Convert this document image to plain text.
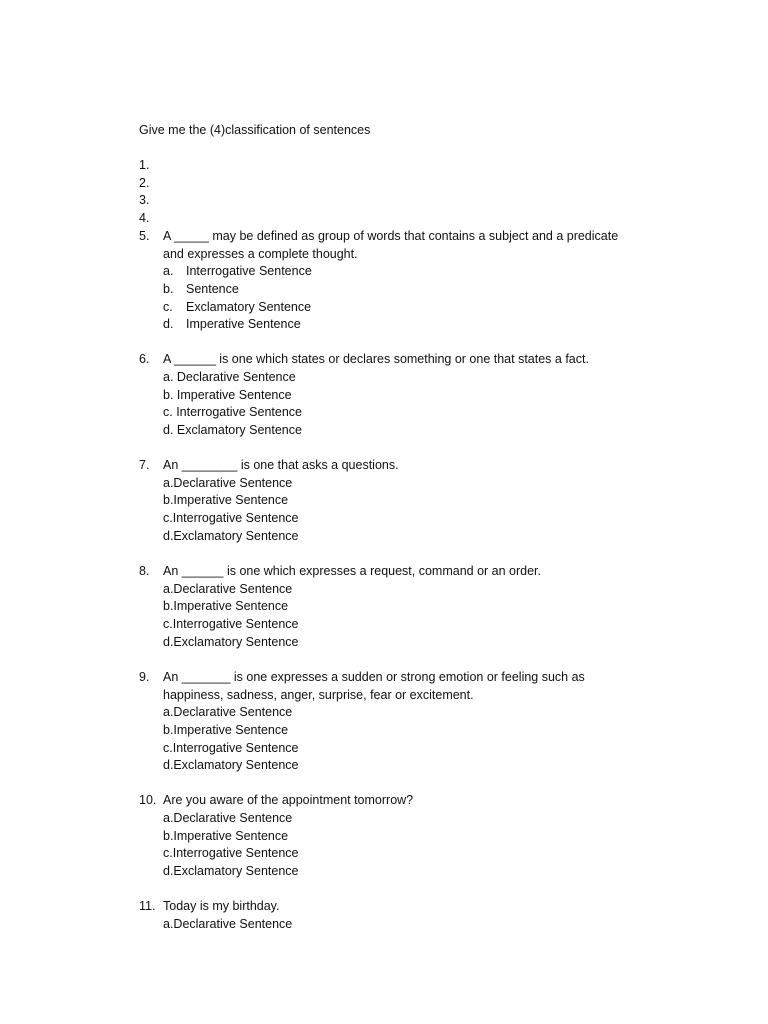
Give me the (4)classification of sentences
1.
2.
3.
4.
5.	A _____ may be defined as group of words that contains a subject and a predicate and expresses a complete thought.
a. Interrogative Sentence
b. Sentence
c. Exclamatory Sentence
d. Imperative Sentence
6.	A ______ is one which states or declares something or one that states a fact.
a. Declarative Sentence
b. Imperative Sentence
c. Interrogative Sentence
d. Exclamatory Sentence
7.	An ________ is one that asks a questions.
a.Declarative Sentence
b.Imperative Sentence
c.Interrogative Sentence
d.Exclamatory Sentence
8.	An ______ is one which expresses a request, command or an order.
a.Declarative Sentence
b.Imperative Sentence
c.Interrogative Sentence
d.Exclamatory Sentence
9.	An _______ is one expresses a sudden or strong emotion or feeling such as happiness, sadness, anger, surprise, fear or excitement.
a.Declarative Sentence
b.Imperative Sentence
c.Interrogative Sentence
d.Exclamatory Sentence
10. Are you aware of the appointment tomorrow?
a.Declarative Sentence
b.Imperative Sentence
c.Interrogative Sentence
d.Exclamatory Sentence
11. Today is my birthday.
a.Declarative Sentence
